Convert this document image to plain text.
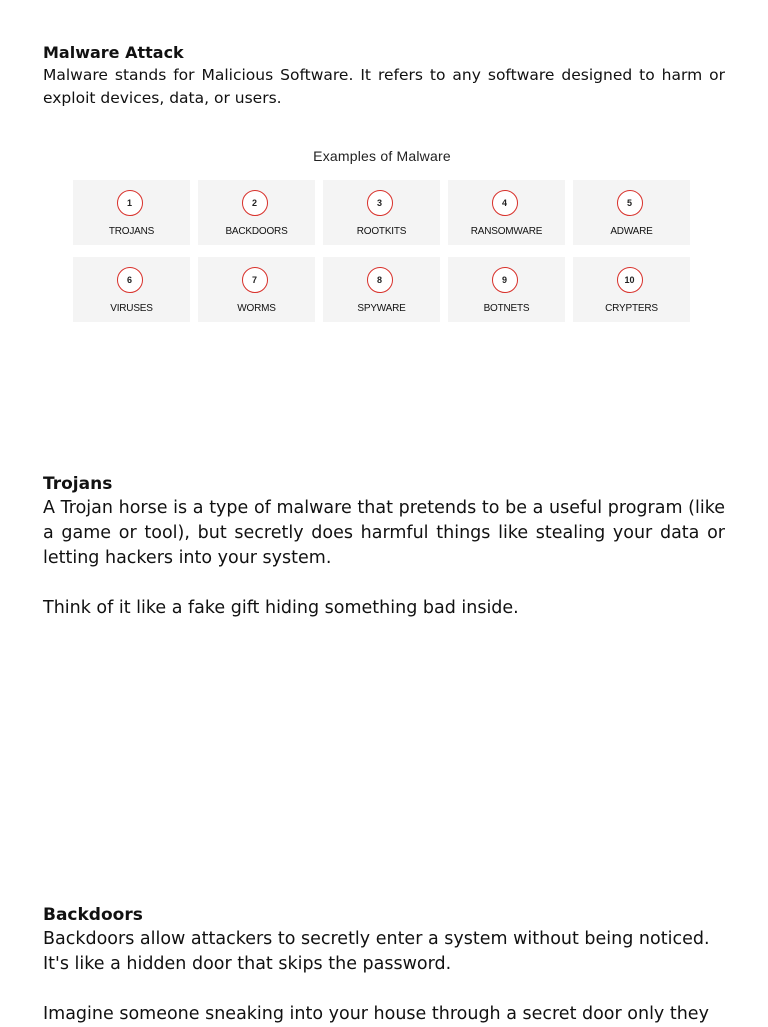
Malware Attack

Malware stands for Malicious Software. It refers to any software designed to harm or exploit devices, data, or users.

Examples of Malware
1
TROJANS
2
BACKDOORS
3
ROOTKITS
4
RANSOMWARE
5
ADWARE
6
VIRUSES
7
WORMS
8
SPYWARE
9
BOTNETS
10
CRYPTERS

Trojans

A Trojan horse is a type of malware that pretends to be a useful program (like a game or tool), but secretly does harmful things like stealing your data or letting hackers into your system.

Think of it like a fake gift hiding something bad inside.

Backdoors

Backdoors allow attackers to secretly enter a system without being noticed. It's like a hidden door that skips the password.

Imagine someone sneaking into your house through a secret door only they
